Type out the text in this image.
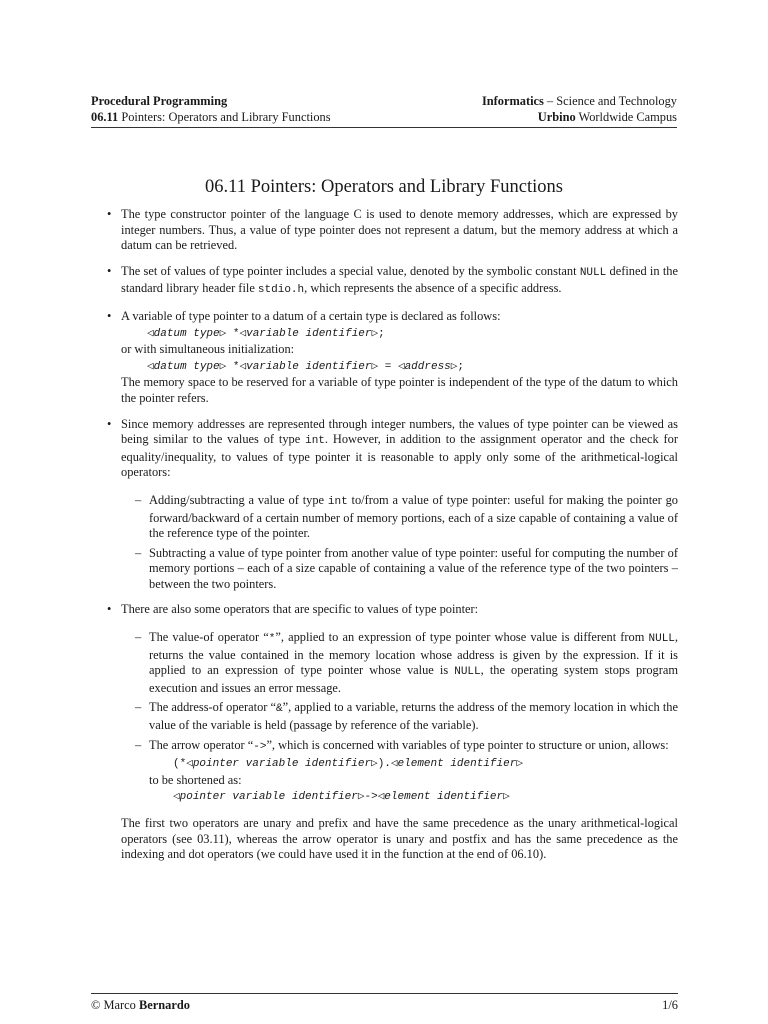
Procedural Programming
06.11 Pointers: Operators and Library Functions
Informatics – Science and Technology
Urbino Worldwide Campus
06.11 Pointers: Operators and Library Functions

• The type constructor pointer of the language C is used to denote memory addresses, which are expressed by integer numbers. Thus, a value of type pointer does not represent a datum, but the memory address at which a datum can be retrieved.

• The set of values of type pointer includes a special value, denoted by the symbolic constant NULL defined in the standard library header file stdio.h, which represents the absence of a specific address.

• A variable of type pointer to a datum of a certain type is declared as follows:

◁datum type▷ *◁variable identifier▷;

or with simultaneous initialization:

◁datum type▷ *◁variable identifier▷ = ◁address▷;

The memory space to be reserved for a variable of type pointer is independent of the type of the datum to which the pointer refers.

• Since memory addresses are represented through integer numbers, the values of type pointer can be viewed as being similar to the values of type int. However, in addition to the assignment operator and the check for equality/inequality, to values of type pointer it is reasonable to apply only some of the arithmetical-logical operators:

– Adding/subtracting a value of type int to/from a value of type pointer: useful for making the pointer go forward/backward of a certain number of memory portions, each of a size capable of containing a value of the reference type of the pointer.
– Subtracting a value of type pointer from another value of type pointer: useful for computing the number of memory portions – each of a size capable of containing a value of the reference type of the two pointers – between the two pointers.

• There are also some operators that are specific to values of type pointer:

– The value-of operator “*”, applied to an expression of type pointer whose value is different from NULL, returns the value contained in the memory location whose address is given by the expression. If it is applied to an expression of type pointer whose value is NULL, the operating system stops program execution and issues an error message.
– The address-of operator “&”, applied to a variable, returns the address of the memory location in which the value of the variable is held (passage by reference of the variable).
– The arrow operator “->”, which is concerned with variables of type pointer to structure or union, allows:

(*◁pointer variable identifier▷).◁element identifier▷

to be shortened as:

◁pointer variable identifier▷->◁element identifier▷

The first two operators are unary and prefix and have the same precedence as the unary arithmetical-logical operators (see 03.11), whereas the arrow operator is unary and postfix and has the same precedence as the indexing and dot operators (we could have used it in the function at the end of 06.10).
© Marco Bernardo	1/6
